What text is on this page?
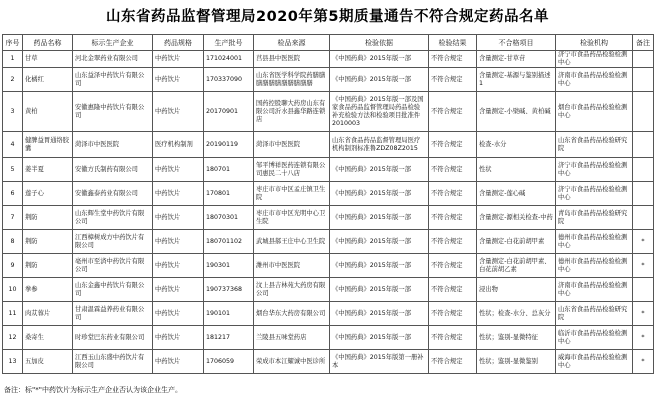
山东省药品监督管理局2020年第5期质量通告不符合规定药品名单
序号	药品名称	标示生产企业	药品规格	生产批号	检品来源	检验依据	检验结果	不合格项目	检验机构	备注
1	甘草	河北金翠药业有限公司	中药饮片	171024001	莒县县中医医院	《中国药典》2015年版一部	不符合规定	含量测定-甘草苷	济宁市食品药品检验检测中心	
2	化橘红	山东益泽中药饮片有限公司	中药饮片	170337090	山东省医学科学院药膳膳膳膳膳膳膳膳膳膳膳	《中国药典》2015年版一部	不符合规定	含量测定-基源与鉴别描述1	济南市食品药品检验检测中心	
3	黄柏	安徽惠隆中药饮片有限公司	中药饮片	20170901	国药控股聊大药房山东有限公司沂水县鑫华路连锁店	《中国药典》2015年版一部及国家食品药品监督管理局药品检验补充检验方法和检验项目批准件2010003	不符合规定	含量测定-小檗碱、黄柏碱	烟台市食品药品检验检测中心	
4	健脾益胃通络胶囊	菏泽市中医医院	医疗机构制剂	20190119	菏泽市中医医院	山东省食品药品监督管理局医疗机构制剂标准鲁ZDZ08Z2015	不符合规定	检查-水分	山东省食品药品检验研究院	
5	姜半夏	安徽方氏制药有限公司	中药饮片	180701	邹平博祥医药连锁有限公司惠民二十八店	《中国药典》2015年版一部	不符合规定	性状	济宁市食品药品检验检测中心	
6	莲子心	安徽鑫泰药业有限公司	中药饮片	170801	枣庄市市中区孟庄镇卫生院	《中国药典》2015年版一部	不符合规定	含量测定-莲心碱	济宁市食品药品检验检测中心	
7	荆防	山东辉生堂中药饮片有限公司	中药饮片	18070301	枣庄市市中区光明中心卫生院	《中国药典》2015年版一部	不符合规定	含量测定-源相关检查-中药	青岛市食品药品检验研究院	
8	荆防	江西樟树成方中药饮片有限公司	中药饮片	180701102	武城县郝王庄中心卫生院	《中国药典》2015年版一部	不符合规定	含量测定-白花前胡甲素	德州市食品药品检验检测中心	*
9	荆防	亳州市至済中药饮片有限公司	中药饮片	190301	潍州市中医医院	《中国药典》2015年版一部	不符合规定	含量测定-白花前胡甲素、白花前胡乙素	德州市食品药品检验检测中心	*
10	拳参	山东金鑫中药饮片有限公司	中药饮片	190737368	汶上县吉林苑大药房有限公司	《中国药典》2015年版一部	不符合规定	浸出物	济南市食品药品检验检测中心	
11	肉苁蓉片	甘肃温霖益养药业有限公司	中药饮片	190101	烟台华东大药房有限公司	《中国药典》2015年版一部	不符合规定	性状；检查-水分、总灰分	山东省食品药品检验研究院	*
12	桑寄生	时珍堂巴东药业有限公司	中药饮片	181217	兰陵县五味堂药店	《中国药典》2015年版一部	不符合规定	性状；鉴别-显微特征	临沂市食品药品检验检测中心	*
13	五加皮	江西玉山东盛中药饮片有限公司	中药饮片	1706059	荣成市本江耀诚中医诊所	《中国药典》2015年版第一册补本	不符合规定	性状；鉴别-显微鉴别	威海市食品药品检验检测中心	*
备注：标"*"中药饮片为标示生产企业否认为该企业生产。
